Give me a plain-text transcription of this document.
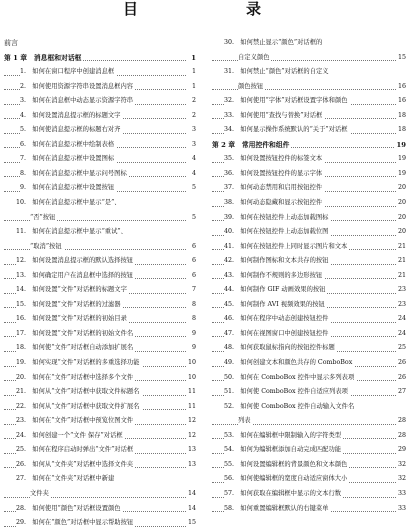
目　　录
前言
第 1 章　消息框和对话框	1
1.　如何在窗口程序中创建消息框	1
2.　如何使用资源字符串设置消息框内容	1
3.　如何在消息框中动态显示资源字符串	2
4.　如何设置消息提示框的标题文字	2
5.　如何使消息提示框的标题右对齐	3
6.　如何在消息提示框中绘制表格	3
7.　如何在消息提示框中设置图标	4
8.　如何在消息提示框中显示问号图标	4
9.　如何在消息提示框中设置按钮	5
10.　如何在消息提示框中显示“是”、
“否”按钮	5
11.　如何在消息提示框中显示“重试”、
“取消”按钮	6
12.　如何设置消息提示框的默认选择按钮	6
13.　如何确定用户在消息框中选择的按钮	6
14.　如何设置“文件”对话框的标题文字	7
15.　如何设置“文件”对话框的过滤器	8
16.　如何设置“文件”对话框的初始目录	8
17.　如何设置“文件”对话框的初始文件名	9
18.　如何使“文件”对话框自动添加扩展名	9
19.　如何实现“文件”对话框的多重选择功能	10
20.　如何在“文件”对话框中选择多个文件	10
21.　如何从“文件”对话框中获取文件标题名	11
22.　如何从“文件”对话框中获取文件扩展名	11
23.　如何在“文件”对话框中预览位图文件	12
24.　如何创建一个“文件 保存”对话框	12
25.　如何在程序启动时弹出“文件”对话框	13
26.　如何从“文件夹”对话框中选择文件夹	13
27.　如何在“文件夹”对话框中新建
文件夹	14
28.　如何使用“颜色”对话框设置颜色	14
29.　如何在“颜色”对话框中显示帮助按钮	15
30.　如何禁止显示“颜色”对话框的
自定义颜色	15
31.　如何禁止“颜色”对话框的自定义
颜色按钮	16
32.　如何使用“字体”对话框设置字体和颜色	16
33.　如何使用“查找与替换”对话框	18
34.　如何显示操作系统默认的“关于”对话框	18
第 2 章　常用控件和组件	19
35.　如何设置按钮控件的标签文本	19
36.　如何设置按钮控件的显示字体	19
37.　如何动态禁用和启用按钮控件	20
38.　如何动态隐藏和显示按钮控件	20
39.　如何在按钮控件上动态加载图标	20
40.　如何在按钮控件上动态加载位图	20
41.　如何在按钮控件上同时显示图片和文本	21
42.　如何制作图标和文本共存的按钮	21
43.　如何制作不规则的多边形按钮	21
44.　如何制作 GIF 动画效果的按钮	23
45.　如何制作 AVI 视频效果的按钮	23
46.　如何在程序中动态创建按钮控件	24
47.　如何在视图窗口中创建按钮控件	24
48.　如何获取鼠标指向的按钮控件标题	25
49.　如何创建文本和颜色共存的 ComboBox	26
50.　如何在 ComboBox 控件中显示多列表项	26
51.　如何使 ComboBox 控件自适应列表项	27
52.　如何使 ComboBox 控件自动输入文件名
列表	28
53.　如何在编辑框中限制输入的字符类型	28
54.　如何为编辑框添加自动完成匹配功能	29
55.　如何设置编辑框的背景颜色和文本颜色	32
56.　如何使编辑框的宽度自动适应窗体大小	32
57.　如何获取在编辑框中显示的文本行数	33
58.　如何重置编辑框默认的右键菜单	33
